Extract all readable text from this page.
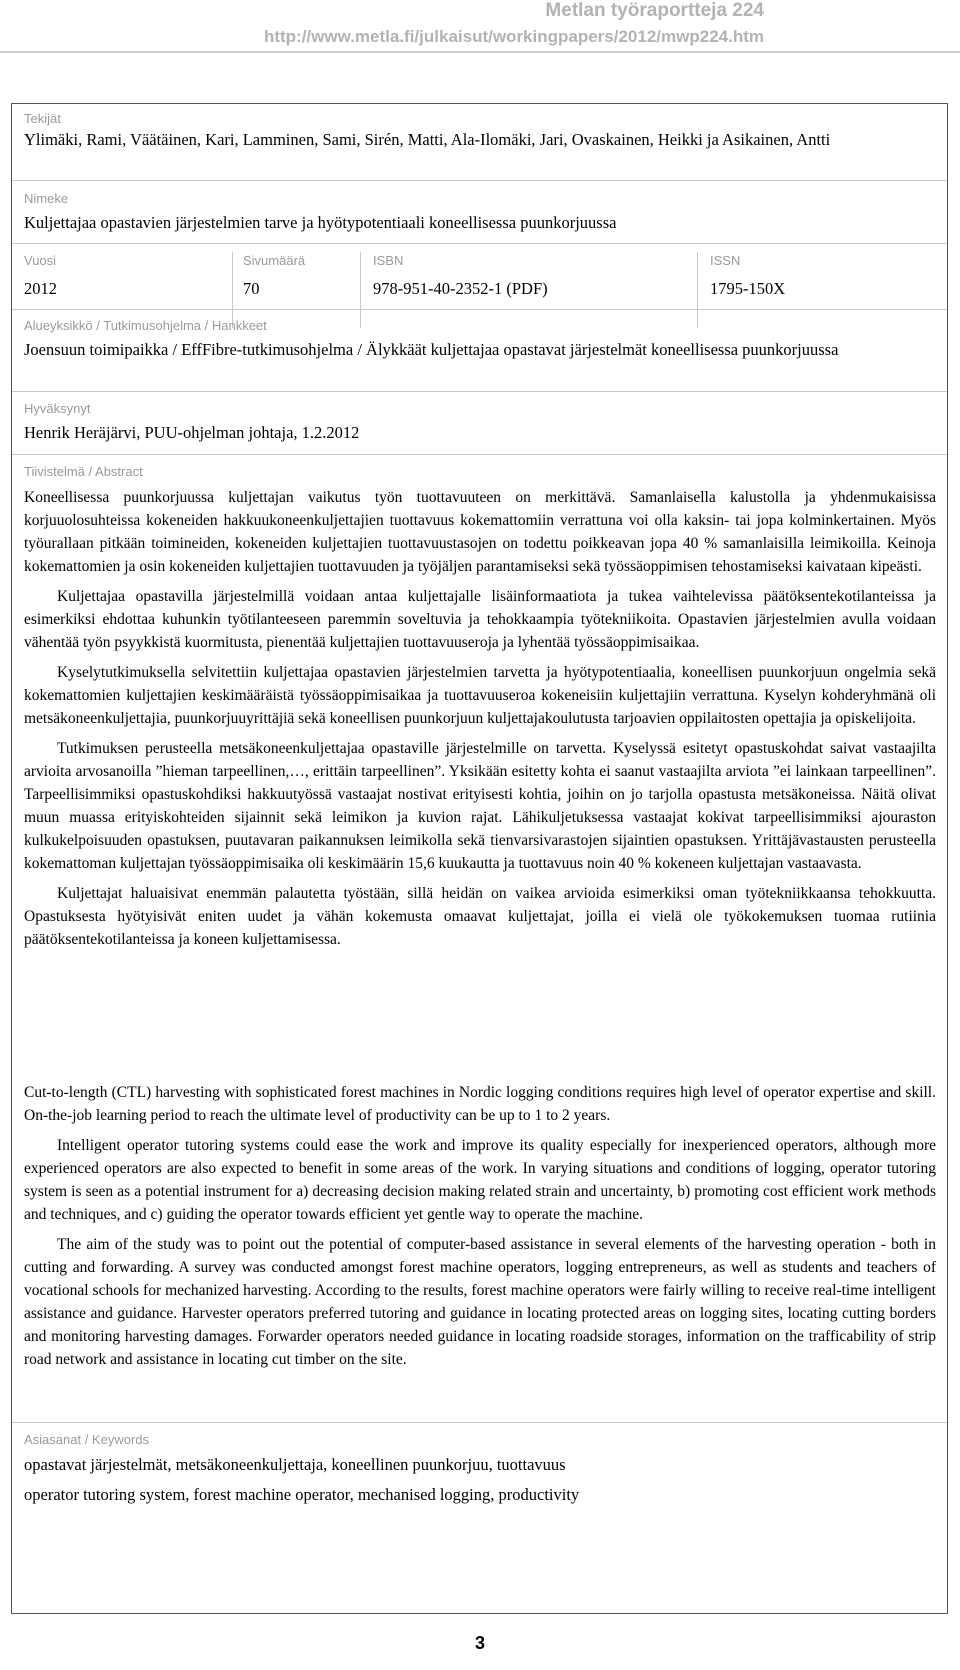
Metlan työraportteja 224
http://www.metla.fi/julkaisut/workingpapers/2012/mwp224.htm
Tekijät
Ylimäki, Rami, Väätäinen, Kari, Lamminen, Sami, Sirén, Matti, Ala-Ilomäki, Jari, Ovaskainen, Heikki ja Asikainen, Antti
Nimeke
Kuljettajaa opastavien järjestelmien tarve ja hyötypotentiaali koneellisessa puunkorjuussa
Vuosi
2012
Sivumäärä
70
ISBN
978-951-40-2352-1 (PDF)
ISSN
1795-150X
Alueyksikkö / Tutkimusohjelma / Hankkeet
Joensuun toimipaikka / EffFibre-tutkimusohjelma / Älykkäät kuljettajaa opastavat järjestelmät koneellisessa puunkorjuussa
Hyväksynyt
Henrik Heräjärvi, PUU-ohjelman johtaja, 1.2.2012
Tiivistelmä / Abstract

Koneellisessa puunkorjuussa kuljettajan vaikutus työn tuottavuuteen on merkittävä. Samanlaisella kalustolla ja yhdenmukaisissa korjuuolosuhteissa kokeneiden hakkuukoneenkuljettajien tuottavuus kokemattomiin verrattuna voi olla kaksin- tai jopa kolminkertainen. Myös työurallaan pitkään toimineiden, kokeneiden kuljettajien tuottavuustasojen on todettu poikkeavan jopa 40 % samanlaisilla leimikoilla. Keinoja kokemattomien ja osin kokeneiden kuljettajien tuottavuuden ja työjäljen parantamiseksi sekä työssäoppimisen tehostamiseksi kaivataan kipeästi.

Kuljettajaa opastavilla järjestelmillä voidaan antaa kuljettajalle lisäinformaatiota ja tukea vaihtelevissa päätöksentekotilanteissa ja esimerkiksi ehdottaa kuhunkin työtilanteeseen paremmin soveltuvia ja tehokkaampia työtekniikoita. Opastavien järjestelmien avulla voidaan vähentää työn psyykkistä kuormitusta, pienentää kuljettajien tuottavuuseroja ja lyhentää työssäoppimisaikaa.

Kyselytutkimuksella selvitettiin kuljettajaa opastavien järjestelmien tarvetta ja hyötypotentiaalia, koneellisen puunkorjuun ongelmia sekä kokemattomien kuljettajien keskimääräistä työssäoppimisaikaa ja tuottavuuseroa kokeneisiin kuljettajiin verrattuna. Kyselyn kohderyhmänä oli metsäkoneenkuljettajia, puunkorjuuyrittäjiä sekä koneellisen puunkorjuun kuljettajakoulutusta tarjoavien oppilaitosten opettajia ja opiskelijoita.

Tutkimuksen perusteella metsäkoneenkuljettajaa opastaville järjestelmille on tarvetta. Kyselyssä esitetyt opastuskohdat saivat vastaajilta arvioita arvosanoilla ”hieman tarpeellinen,…, erittäin tarpeellinen”. Yksikään esitetty kohta ei saanut vastaajilta arviota ”ei lainkaan tarpeellinen”. Tarpeellisimmiksi opastuskohdiksi hakkuutyössä vastaajat nostivat erityisesti kohtia, joihin on jo tarjolla opastusta metsäkoneissa. Näitä olivat muun muassa erityiskohteiden sijainnit sekä leimikon ja kuvion rajat. Lähikuljetuksessa vastaajat kokivat tarpeellisimmiksi ajouraston kulkukelpoisuuden opastuksen, puutavaran paikannuksen leimikolla sekä tienvarsivarastojen sijaintien opastuksen. Yrittäjävastausten perusteella kokemattoman kuljettajan työssäoppimisaika oli keskimäärin 15,6 kuukautta ja tuottavuus noin 40 % kokeneen kuljettajan vastaavasta.

Kuljettajat haluaisivat enemmän palautetta työstään, sillä heidän on vaikea arvioida esimerkiksi oman työtekniikkaansa tehokkuutta. Opastuksesta hyötyisivät eniten uudet ja vähän kokemusta omaavat kuljettajat, joilla ei vielä ole työkokemuksen tuomaa rutiinia päätöksentekotilanteissa ja koneen kuljettamisessa.

Cut-to-length (CTL) harvesting with sophisticated forest machines in Nordic logging conditions requires high level of operator expertise and skill. On-the-job learning period to reach the ultimate level of productivity can be up to 1 to 2 years.

Intelligent operator tutoring systems could ease the work and improve its quality especially for inexperienced operators, although more experienced operators are also expected to benefit in some areas of the work. In varying situations and conditions of logging, operator tutoring system is seen as a potential instrument for a) decreasing decision making related strain and uncertainty, b) promoting cost efficient work methods and techniques, and c) guiding the operator towards efficient yet gentle way to operate the machine.

The aim of the study was to point out the potential of computer-based assistance in several elements of the harvesting operation - both in cutting and forwarding. A survey was conducted amongst forest machine operators, logging entrepreneurs, as well as students and teachers of vocational schools for mechanized harvesting. According to the results, forest machine operators were fairly willing to receive real-time intelligent assistance and guidance. Harvester operators preferred tutoring and guidance in locating protected areas on logging sites, locating cutting borders and monitoring harvesting damages. Forwarder operators needed guidance in locating roadside storages, information on the trafficability of strip road network and assistance in locating cut timber on the site.

Asiasanat / Keywords
opastavat järjestelmät, metsäkoneenkuljettaja, koneellinen puunkorjuu, tuottavuus
operator tutoring system, forest machine operator, mechanised logging, productivity
3
